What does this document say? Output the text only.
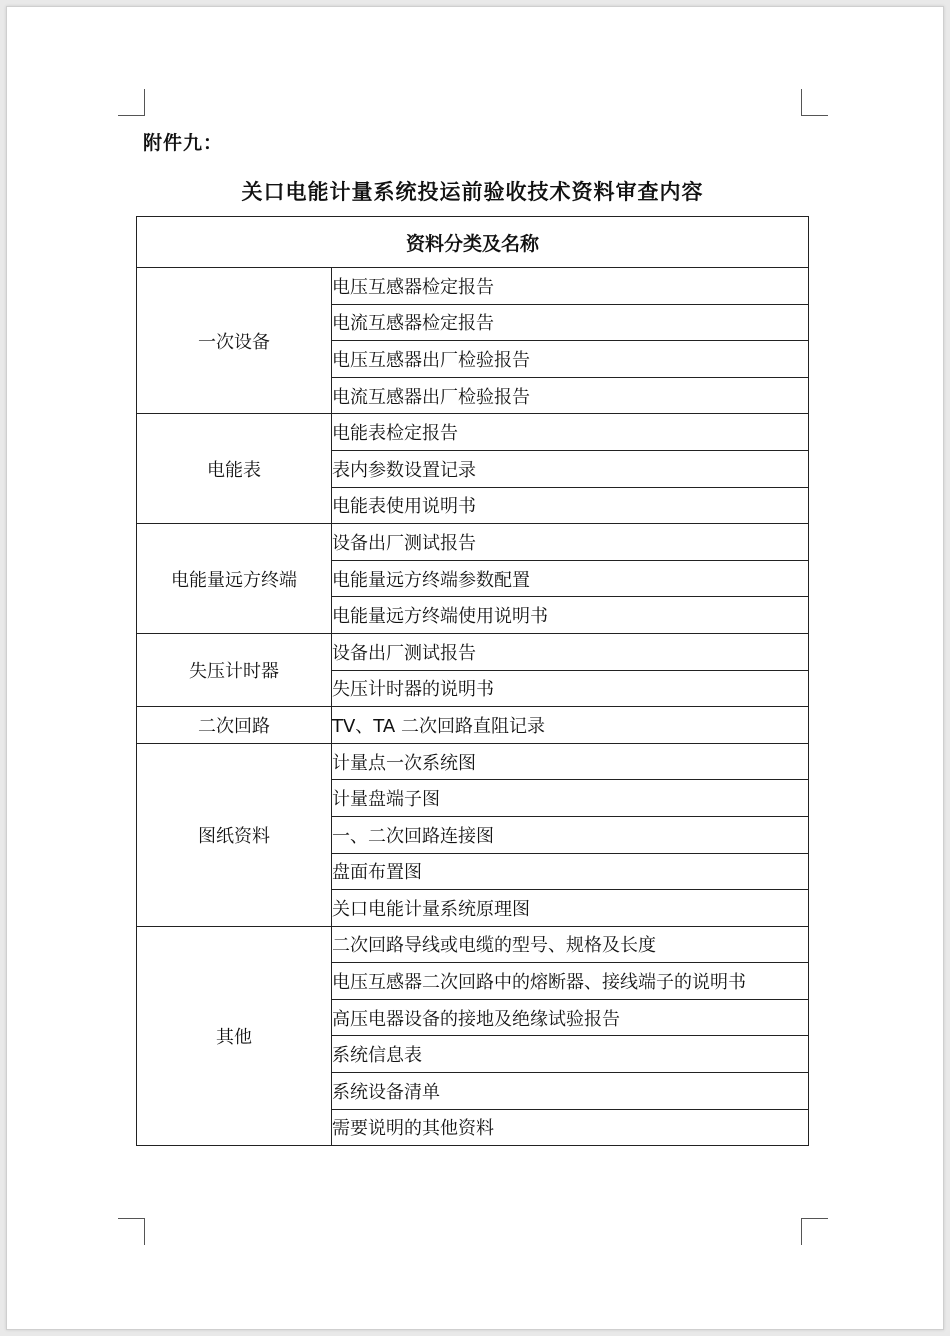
附件九：
关口电能计量系统投运前验收技术资料审查内容
资料分类及名称	
一次设备	电压互感器检定报告
	电流互感器检定报告
	电压互感器出厂检验报告
	电流互感器出厂检验报告
电能表	电能表检定报告
	表内参数设置记录
	电能表使用说明书
电能量远方终端	设备出厂测试报告
	电能量远方终端参数配置
	电能量远方终端使用说明书
失压计时器	设备出厂测试报告
	失压计时器的说明书
二次回路	TV、TA 二次回路直阻记录
图纸资料	计量点一次系统图
	计量盘端子图
	一、二次回路连接图
	盘面布置图
	关口电能计量系统原理图
其他	二次回路导线或电缆的型号、规格及长度
	电压互感器二次回路中的熔断器、接线端子的说明书
	高压电器设备的接地及绝缘试验报告
	系统信息表
	系统设备清单
	需要说明的其他资料
